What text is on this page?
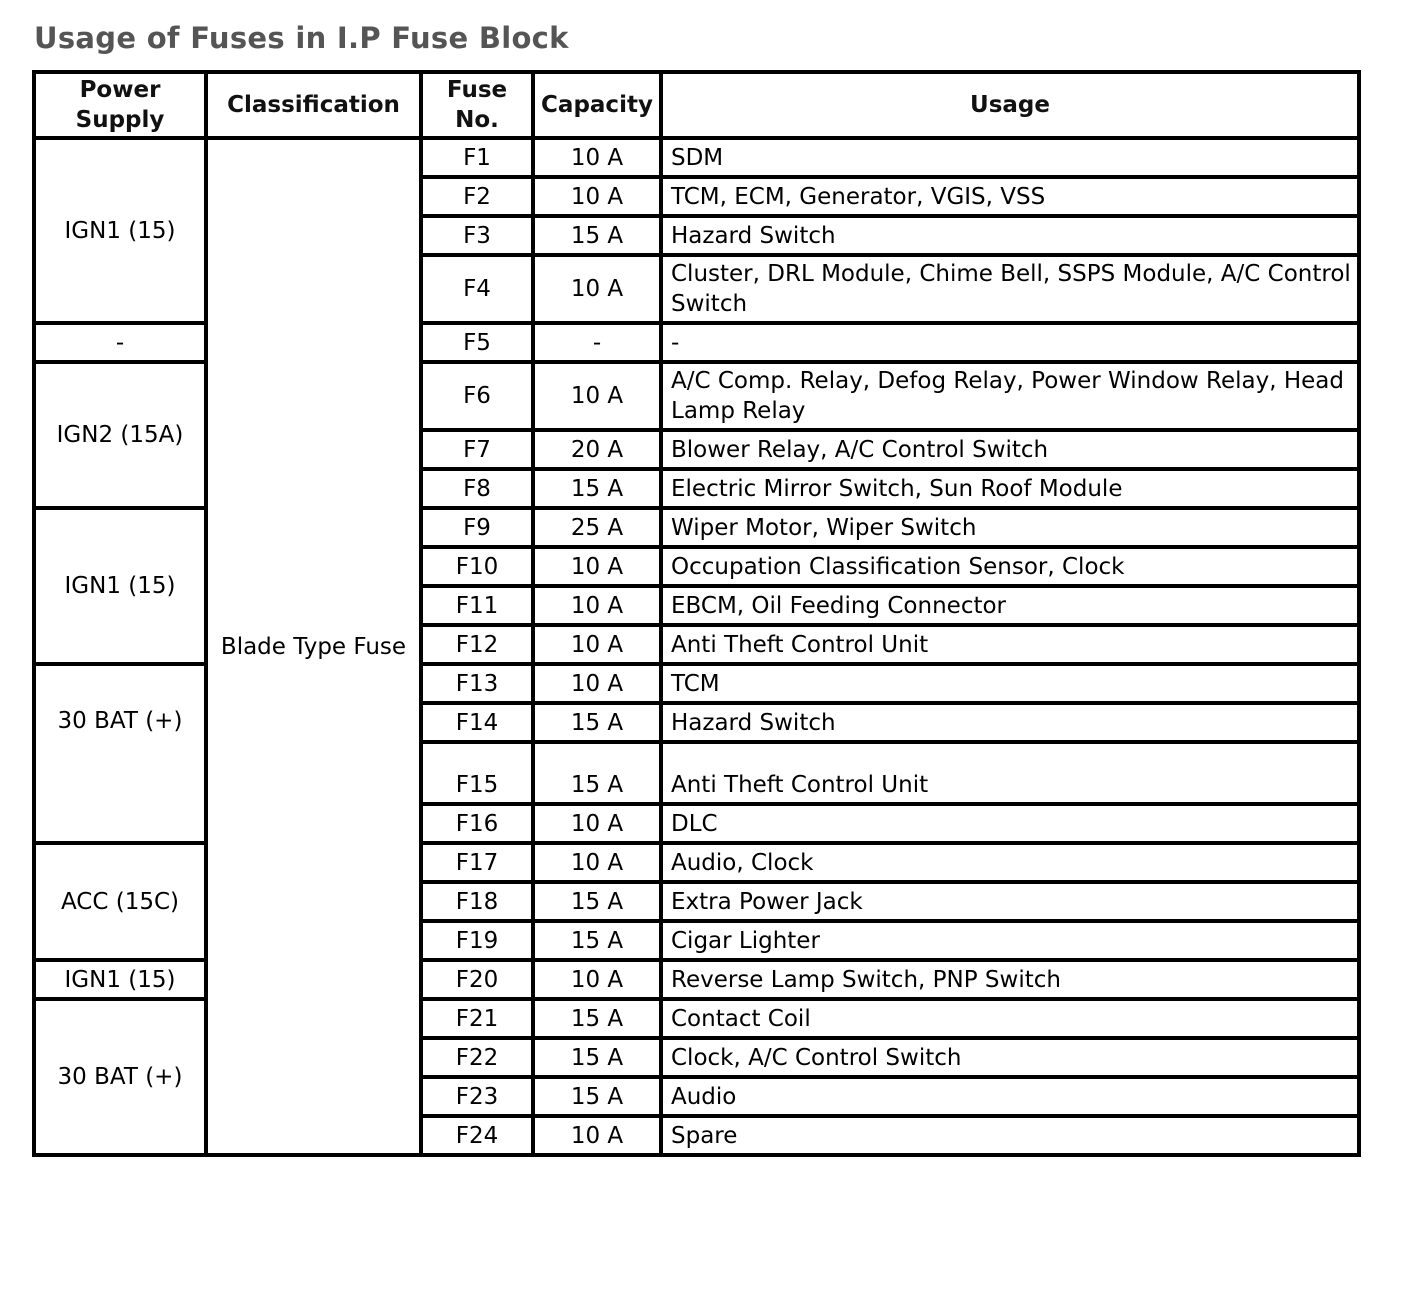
Usage of Fuses in I.P Fuse Block
Power Supply	Classification	Fuse No.	Capacity	Usage
IGN1 (15)	Blade Type Fuse	F1	10 A	SDM
		F2	10 A	TCM, ECM, Generator, VGIS, VSS
		F3	15 A	Hazard Switch
		F4	10 A	Cluster, DRL Module, Chime Bell, SSPS Module, A/C Control Switch
-		F5	-	-
IGN2 (15A)		F6	10 A	A/C Comp. Relay, Defog Relay, Power Window Relay, Head Lamp Relay
		F7	20 A	Blower Relay, A/C Control Switch
		F8	15 A	Electric Mirror Switch, Sun Roof Module
IGN1 (15)		F9	25 A	Wiper Motor, Wiper Switch
		F10	10 A	Occupation Classification Sensor, Clock
		F11	10 A	EBCM, Oil Feeding Connector
		F12	10 A	Anti Theft Control Unit
30 BAT (+)		F13	10 A	TCM
		F14	15 A	Hazard Switch
		F15	15 A	Anti Theft Control Unit
		F16	10 A	DLC
ACC (15C)		F17	10 A	Audio, Clock
		F18	15 A	Extra Power Jack
		F19	15 A	Cigar Lighter
IGN1 (15)		F20	10 A	Reverse Lamp Switch, PNP Switch
30 BAT (+)		F21	15 A	Contact Coil
		F22	15 A	Clock, A/C Control Switch
		F23	15 A	Audio
		F24	10 A	Spare
